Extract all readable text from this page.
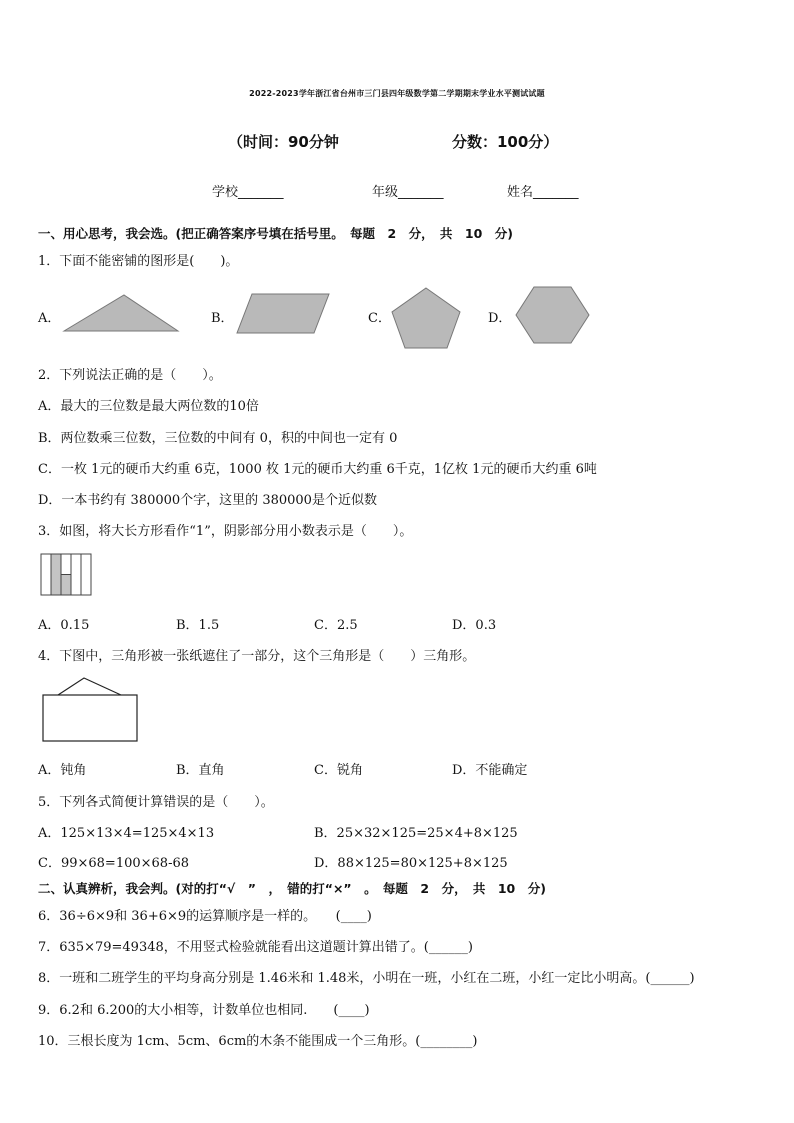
2022-2023学年浙江省台州市三门县四年级数学第二学期期末学业水平测试试题
（时间：90分钟	分数：100分）
学校_______	年级_______	姓名_______
一、用心思考，我会选。(把正确答案序号填在括号里。　每题　2　分，　共　10　分)
1．下面不能密铺的图形是(　　)。
A．	B．	C．	D．
2．下列说法正确的是（　　）。
A．最大的三位数是最大两位数的10倍
B．两位数乘三位数，三位数的中间有 0，积的中间也一定有 0
C．一枚 1元的硬币大约重 6克，1000 枚 1元的硬币大约重 6千克，1亿枚 1元的硬币大约重 6吨
D．一本书约有 380000个字，这里的 380000是个近似数
3．如图，将大长方形看作“1”，阴影部分用小数表示是（　　）。
A．0.15	B．1.5	C．2.5	D．0.3
4．下图中，三角形被一张纸遮住了一部分，这个三角形是（　　）三角形。
A．钝角	B．直角	C．锐角	D．不能确定
5．下列各式简便计算错误的是（　　）。
A．125×13×4=125×4×13	B．25×32×125=25×4+8×125
C．99×68=100×68-68	D．88×125=80×125+8×125
二、认真辨析，我会判。(对的打“√　”　，　错的打“×”　。　每题　2　分，　共　10　分)
6．36÷6×9和 36+6×9的运算顺序是一样的。　　(____)
7．635×79=49348，不用竖式检验就能看出这道题计算出错了。(______)
8．一班和二班学生的平均身高分别是 1.46米和 1.48米，小明在一班，小红在二班，小红一定比小明高。(______)
9．6.2和 6.200的大小相等，计数单位也相同.　　(____)
10．三根长度为 1cm、5cm、6cm的木条不能围成一个三角形。(________)
